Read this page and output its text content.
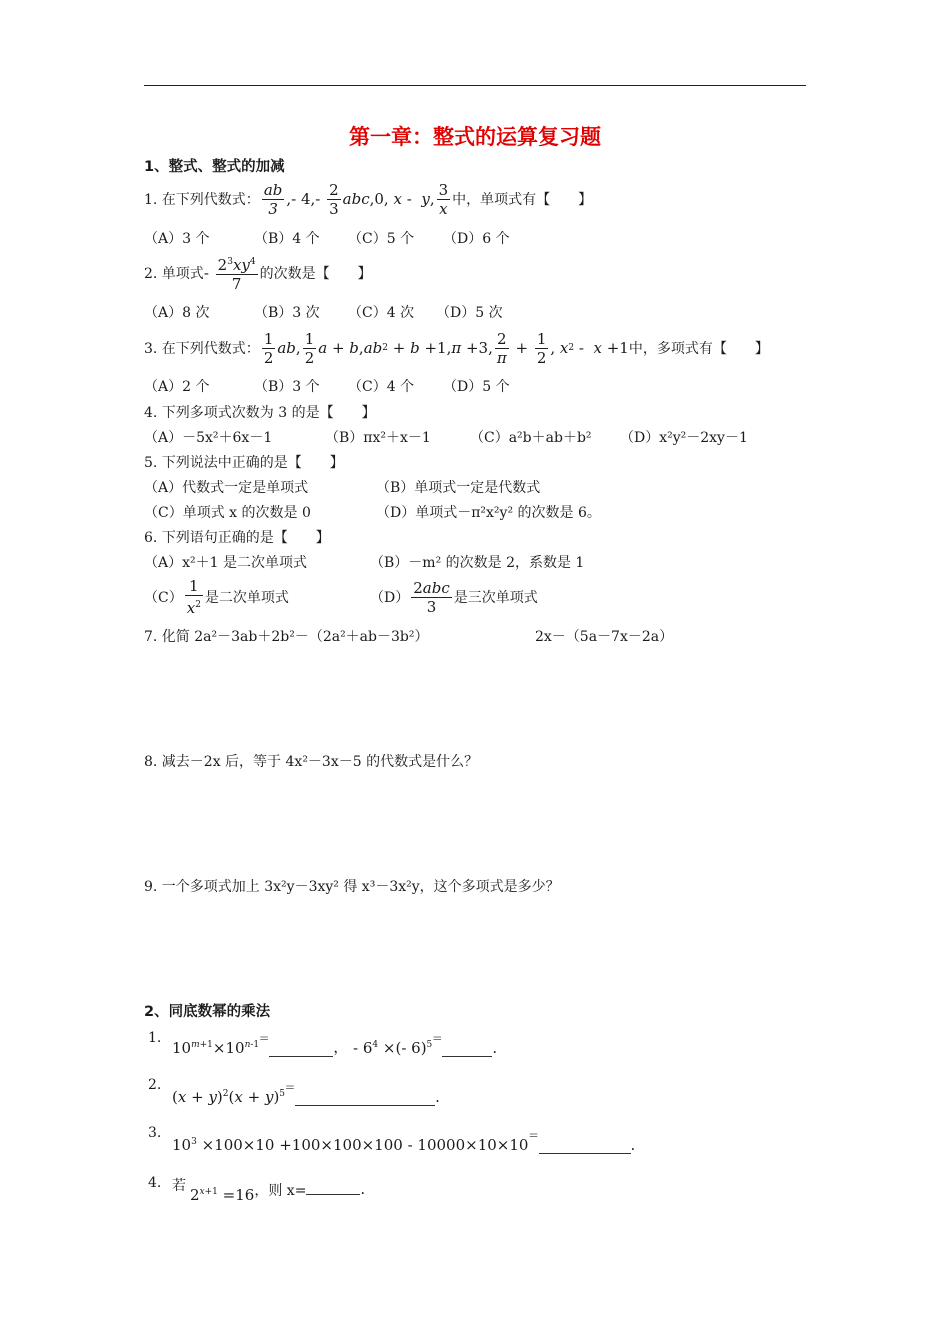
第一章：整式的运算复习题
1、整式、整式的加减
1. 在下列代数式： $\frac{ab}{3}$ ,- $4,- \frac{2}{3}$ abc ,0, x - y , $\frac{3}{x}$ 中，单项式有【　　】
（A）3 个	（B）4 个 （C）5 个 （D）6 个
2. 单项式 - $\frac{2^3xy^4}{7}$ 的次数是【　　】
（A）8 次	（B）3 次 （C）4 次 （D）5 次
3. 在下列代数式： $\frac{1}{2}$ ab , $\frac{1}{2}$ a + b , ab 2 + b +1, π +3, $\frac{2}{\pi} + \frac{1}{2}$ , x 2 - x +1 中，多项式有【　　】
（A）2 个	（B）3 个 （C）4 个 （D）5 个
4. 下列多项式次数为 3 的是【　　】
（A）－5x²＋6x－1	（B）πx²＋x－1	（C）a²b＋ab＋b² （D）x²y²－2xy－1
5. 下列说法中正确的是【　　】
（A）代数式一定是单项式	（B）单项式一定是代数式
（C）单项式 x 的次数是 0	（D）单项式－π²x²y² 的次数是 6。
6. 下列语句正确的是【　　】
（A）x²＋1 是二次单项式	（B）－m² 的次数是 2，系数是 1
$(C) \frac{1}{x^2}$ 是二次单项式	$(D) \frac{\text{2abc}}{3}$ 是三次单项式
7. 化简 2a²－3ab＋2b²－（2a²＋ab－3b²）	2x－（5a－7x－2a）
8. 减去－2x 后，等于 4x²－3x－5 的代数式是什么？
9. 一个多项式加上 3x²y－3xy² 得 x³－3x²y，这个多项式是多少？
2、同底数幂的乘法
1.
$10^{m+1}\times 10^{n-1}$ =	， - $6^4$ ×(- 6)$^5$ =
.
2.
$(x + y)^2(x + y)^5$ =
.
3.
$10^3 \times 100\times 10 +100\times 100\times 100 - 10000\times 10\times 10$
=
.
4. 若 $2^{x+1} =16$ ，则 x=	.
